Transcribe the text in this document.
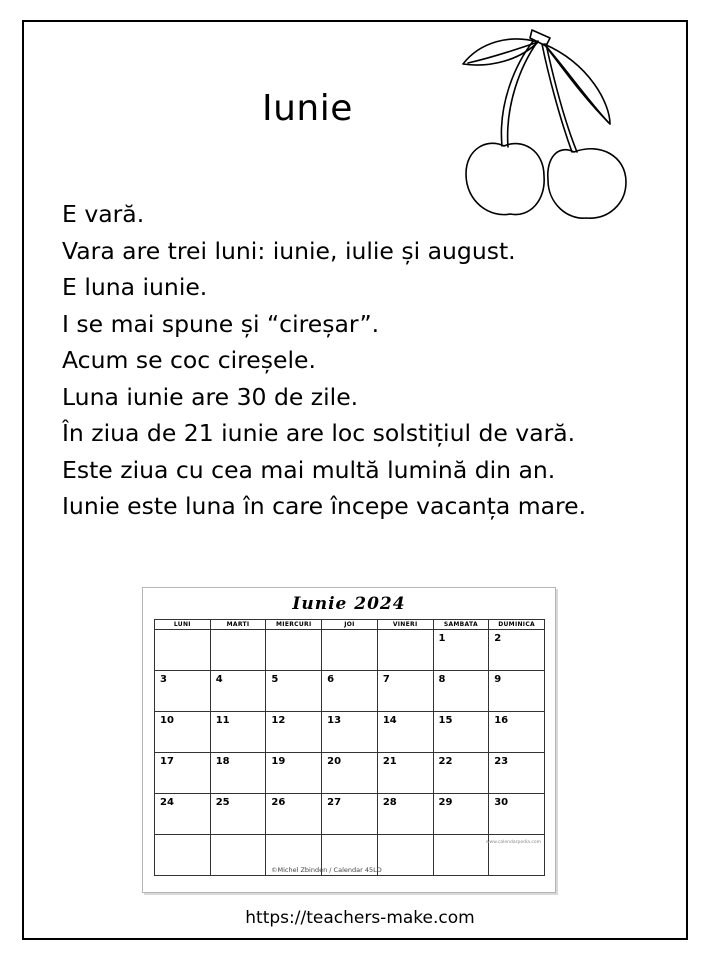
Iunie
E vară.
Vara are trei luni: iunie, iulie și august.
E luna iunie.
I se mai spune și “cireșar”.
Acum se coc cireșele.
Luna iunie are 30 de zile.
În ziua de 21 iunie are loc solstițiul de vară.
Este ziua cu cea mai multă lumină din an.
Iunie este luna în care începe vacanța mare.
Iunie 2024
LUNI	MARTI	MIERCURI	JOI	VINERI	SAMBATA	DUMINICA

					1	2

3	4	5	6	7	8	9

10	11	12	13	14	15	16

17	18	19	20	21	22	23

24	25	26	27	28	29	30

www.calendarpedia.com
©Michel Zbinden / Calendar 45LD
https://teachers-make.com
